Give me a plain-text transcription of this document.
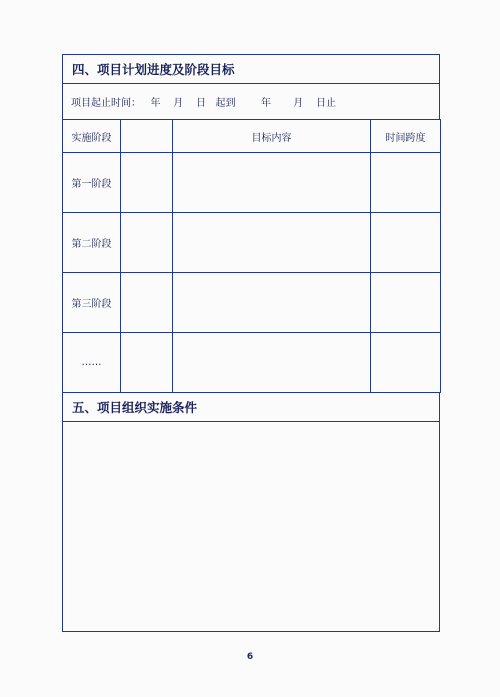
四、项目计划进度及阶段目标
项目起止时间：
年
月
日
起到
	年
月
日止
实施阶段		目标内容	时间跨度
第一阶段			
第二阶段			
第三阶段			
……			
五、项目组织实施条件
6
